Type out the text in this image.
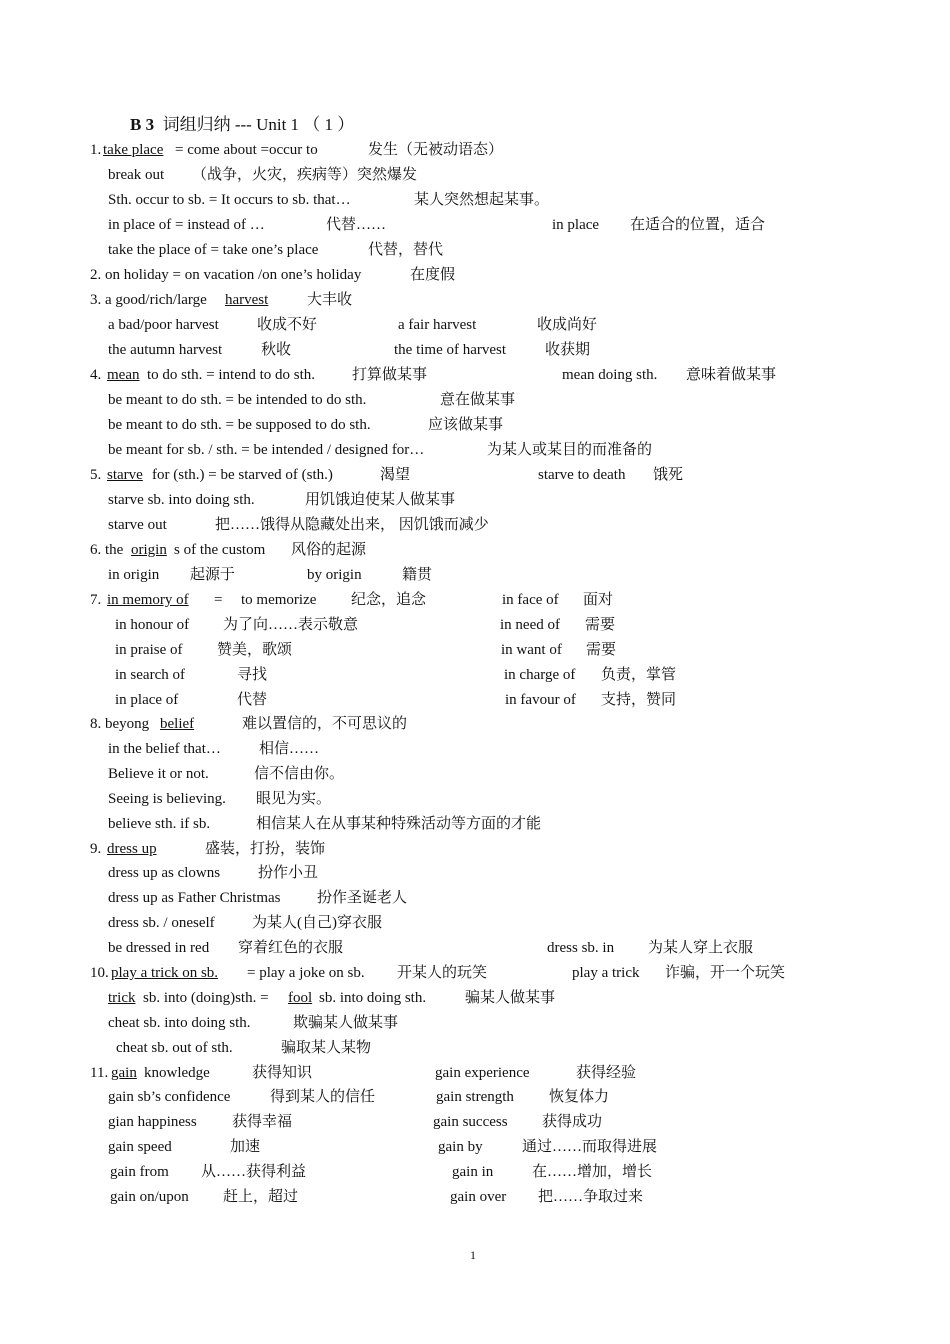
B 3 词组归纳 --- Unit 1 （ 1 ）
1. take place = come about =occur to	发生（无被动语态）
break out （战争，火灾，疾病等）突然爆发
Sth. occur to sb. = It occurs to sb. that…	某人突然想起某事。
in place of = instead of …	代替……	in place 在适合的位置，适合
take the place of = take one’s place	代替，替代
2. on holiday = on vacation /on one’s holiday	在度假
3. a good/rich/large harvest	大丰收
a bad/poor harvest	收成不好	a fair harvest	收成尚好
the autumn harvest	秋收	the time of harvest	收获期
4. mean to do sth. = intend to do sth. 打算做某事	mean doing sth. 意味着做某事
be meant to do sth. = be intended to do sth.	意在做某事
be meant to do sth. = be supposed to do sth.	应该做某事
be meant for sb. / sth. = be intended / designed for…	为某人或某目的而准备的
5. starve for (sth.) = be starved of (sth.)	渴望	starve to death 饿死
starve sb. into doing sth.	用饥饿迫使某人做某事
starve out	把……饿得从隐藏处出来， 因饥饿而减少
6. the origin s of the custom 风俗的起源
in origin 起源于	by origin	籍贯
7. in memory of = to memorize 纪念，追念	in face of 面对
in honour of 为了向……表示敬意	in need of 需要
in praise of 赞美，歌颂	in want of 需要
in search of	寻找	in charge of 负责，掌管
in place of	代替	in favour of 支持，赞同
8. beyong belief	难以置信的，不可思议的
in the belief that…	相信……
Believe it or not.	信不信由你。
Seeing is believing. 眼见为实。
believe sth. if sb.	相信某人在从事某种特殊活动等方面的才能
9. dress up	盛装，打扮，装饰
dress up as clowns	扮作小丑
dress up as Father Christmas 扮作圣诞老人
dress sb. / oneself 为某人(自己)穿衣服
be dressed in red 穿着红色的衣服	dress sb. in 为某人穿上衣服
10. play a trick on sb. = play a joke on sb. 开某人的玩笑	play a trick 诈骗，开一个玩笑
trick sb. into (doing)sth. = fool sb. into doing sth.	骗某人做某事
cheat sb. into doing sth.	欺骗某人做某事
cheat sb. out of sth.	骗取某人某物
11. gain knowledge	获得知识	gain experience	获得经验
gain sb’s confidence	得到某人的信任	gain strength 恢复体力
gian happiness 获得幸福	gain success 获得成功
gain speed	加速	gain by	通过……而取得进展
gain from 从……获得利益	gain in	在……增加，增长
gain on/upon 赶上，超过	gain over 把……争取过来
1
